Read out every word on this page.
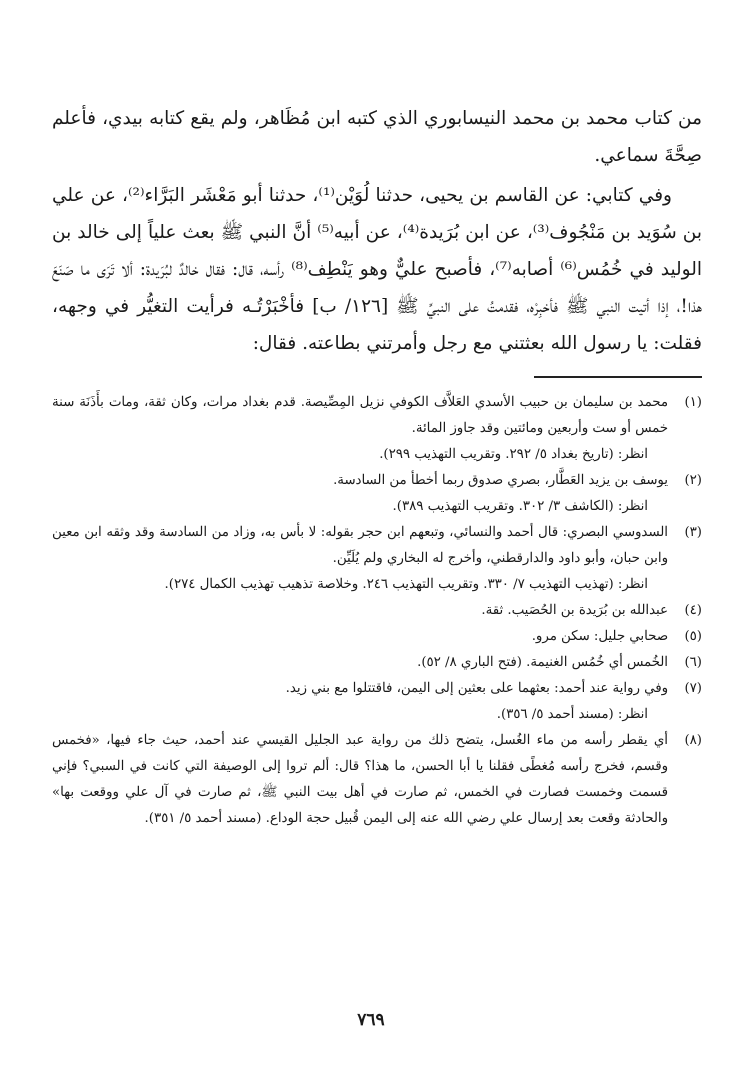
من كتاب محمد بن محمد النيسابوري الذي كتبه ابن مُظَاهر، ولم يقع كتابه بيدي، فأعلم صِحَّةَ سماعي.

وفي كتابي: عن القاسم بن يحيى، حدثنا لُوَيْن⁽¹⁾، حدثنا أبو مَعْشَر البَرَّاء⁽²⁾، عن علي بن سُوَيد بن مَنْجُوف⁽³⁾، عن ابن بُرَيدة⁽⁴⁾، عن أبيه⁽⁵⁾ أنَّ النبي ﷺ بعث علياً إلى خالد بن الوليد في خُمُس⁽⁶⁾ أصابه⁽⁷⁾، فأصبح عليٌّ وهو يَنْطِف⁽⁸⁾ رأسه، قال: فقال خالدٌ لبُرَيدة: ألا تَرَى ما صَنَعَ هذا!، إذا أتيت النبي ﷺ فأخبِرْه، فقدمتُ على النبيِّ ﷺ [١٢٦/ ب] فأخْبَرْتُـه فرأيت التغيُّر في وجهه، فقلت: يا رسول الله بعثتني مع رجل وأمرتني بطاعته. فقال:

(١)
محمد بن سليمان بن حبيب الأسدي العَلاَّف الكوفي نزيل المِصِّيصة. قدم بغداد مرات، وكان ثقة، ومات بأَذَنَة سنة خمس أو ست وأربعين ومائتين وقد جاوز المائة.
انظر: (تاريخ بغداد ٥/ ٢٩٢. وتقريب التهذيب ٢٩٩).
(٢)
يوسف بن يزيد العَطَّار، بصري صدوق ربما أخطأ من السادسة.
انظر: (الكاشف ٣/ ٣٠٢. وتقريب التهذيب ٣٨٩).
(٣)
السدوسي البصري: قال أحمد والنسائي، وتبعهم ابن حجر بقوله: لا بأس به، وزاد من السادسة وقد وثقه ابن معين وابن حبان، وأبو داود والدارقطني، وأخرج له البخاري ولم يُلَيِّن.
انظر: (تهذيب التهذيب ٧/ ٣٣٠. وتقريب التهذيب ٢٤٦. وخلاصة تذهيب تهذيب الكمال ٢٧٤).
(٤)
عبدالله بن بُرَيدة بن الحُصَيب. ثقة.
(٥)
صحابي جليل: سكن مرو.
(٦)
الخُمس أي خُمُس الغنيمة. (فتح الباري ٨/ ٥٢).
(٧)
وفي رواية عند أحمد: بعثهما على بعثين إلى اليمن، فاقتتلوا مع بني زيد.
انظر: (مسند أحمد ٥/ ٣٥٦).
(٨)
أي يقطر رأسه من ماء الغُسل، يتضح ذلك من رواية عبد الجليل القيسي عند أحمد، حيث جاء فيها، «فخمس وقسم، فخرج رأسه مُغطًى فقلنا يا أبا الحسن، ما هذا؟ قال: ألم تروا إلى الوصيفة التي كانت في السبي؟ فإني قسمت وخمست فصارت في الخمس، ثم صارت في أهل بيت النبي ﷺ، ثم صارت في آل علي ووقعت بها» والحادثة وقعت بعد إرسال علي رضي الله عنه إلى اليمن قُبيل حجة الوداع. (مسند أحمد ٥/ ٣٥١).
٧٦٩
